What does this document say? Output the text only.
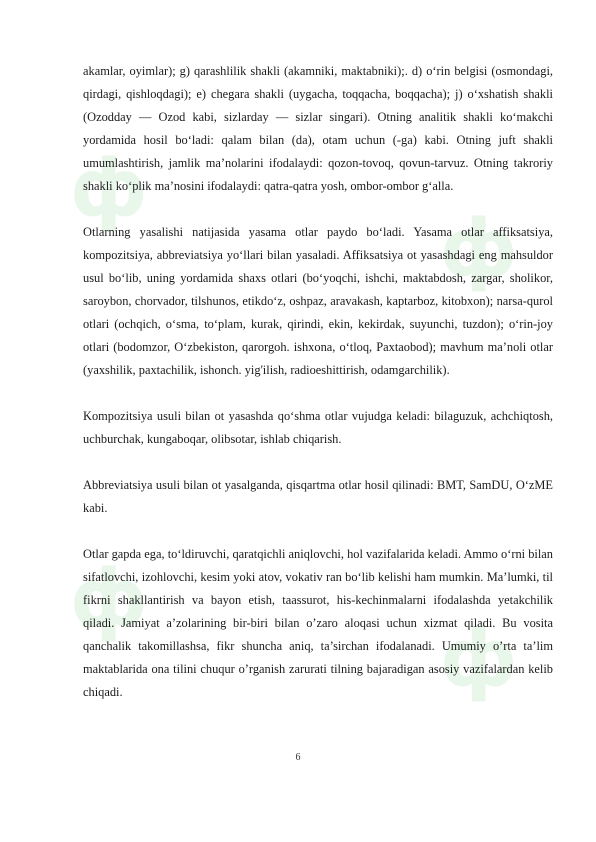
ф
ф
ф
ф

akamlar, oyimlar); g) qarashlilik shakli (akamniki, maktabniki);. d) o‘rin belgisi (osmondagi, qirdagi, qishloqdagi); e) chegara shakli (uygacha, toqqacha, boqqacha); j) o‘xshatish shakli (Ozodday — Ozod kabi, sizlarday — sizlar singari). Otning analitik shakli ko‘makchi yordamida hosil bo‘ladi: qalam bilan (da), otam uchun (-ga) kabi. Otning juft shakli umumlashtirish, jamlik ma’nolarini ifodalaydi: qozon-tovoq, qovun-tarvuz. Otning takroriy shakli ko‘plik ma’nosini ifodalaydi: qatra-qatra yosh, ombor-ombor g‘alla.

Otlarning yasalishi natijasida yasama otlar paydo bo‘ladi. Yasama otlar affiksatsiya, kompozitsiya, abbreviatsiya yo‘llari bilan yasaladi. Affiksatsiya ot yasashdagi eng mahsuldor usul bo‘lib, uning yordamida shaxs otlari (bo‘yoqchi, ishchi, maktabdosh, zargar, sholikor, saroybon, chorvador, tilshunos, etikdo‘z, oshpaz, aravakash, kaptarboz, kitobxon); narsa-qurol otlari (ochqich, o‘sma, to‘plam, kurak, qirindi, ekin, kekirdak, suyunchi, tuzdon); o‘rin-joy otlari (bodomzor, O‘zbekiston, qarorgoh. ishxona, o‘tloq, Paxtaobod); mavhum ma’noli otlar (yaxshilik, paxtachilik, ishonch. yig'ilish, radioeshittirish, odamgarchilik).

Kompozitsiya usuli bilan ot yasashda qo‘shma otlar vujudga keladi: bilaguzuk, achchiqtosh, uchburchak, kungaboqar, olibsotar, ishlab chiqarish.

Abbreviatsiya usuli bilan ot yasalganda, qisqartma otlar hosil qilinadi: BMT, SamDU, O‘zME kabi.

Otlar gapda ega, to‘ldiruvchi, qaratqichli aniqlovchi, hol vazifalarida keladi. Ammo o‘rni bilan sifatlovchi, izohlovchi, kesim yoki atov, vokativ ran bo‘lib kelishi ham mumkin. Ma’lumki, til fikrni shakllantirish va bayon etish, taassurot, his-kechinmalarni ifodalashda yetakchilik qiladi. Jamiyat a’zolarining bir-biri bilan o’zaro aloqasi uchun xizmat qiladi. Bu vosita qanchalik takomillashsa, fikr shuncha aniq, ta’sirchan ifodalanadi. Umumiy o’rta ta’lim maktablarida ona tilini chuqur o’rganish zarurati tilning bajaradigan asosiy vazifalardan kelib chiqadi.

6
